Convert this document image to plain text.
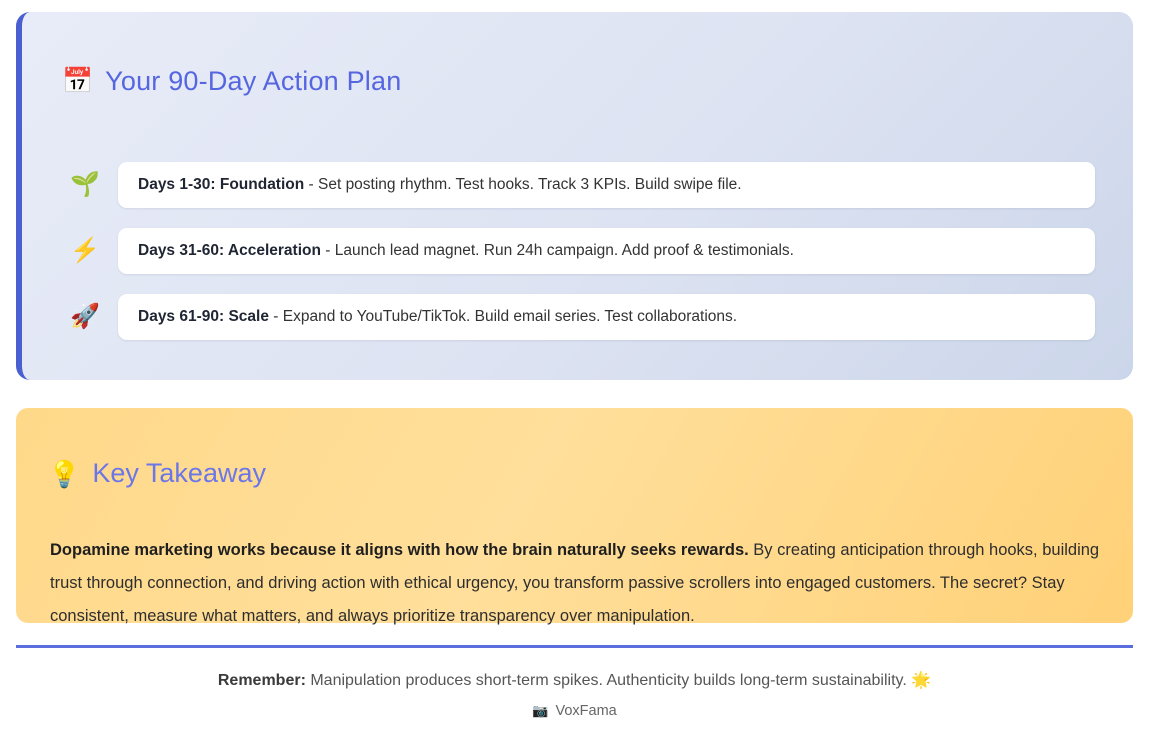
📅 Your 90-Day Action Plan
🌱	Days 1-30: Foundation - Set posting rhythm. Test hooks. Track 3 KPIs. Build swipe file.
⚡	Days 31-60: Acceleration - Launch lead magnet. Run 24h campaign. Add proof & testimonials.
🚀	Days 61-90: Scale - Expand to YouTube/TikTok. Build email series. Test collaborations.
💡 Key Takeaway

Dopamine marketing works because it aligns with how the brain naturally seeks rewards. By creating anticipation through hooks, building trust through connection, and driving action with ethical urgency, you transform passive scrollers into engaged customers. The secret? Stay consistent, measure what matters, and always prioritize transparency over manipulation.

Remember: Manipulation produces short-term spikes. Authenticity builds long-term sustainability. 🌟
📷 VoxFama
